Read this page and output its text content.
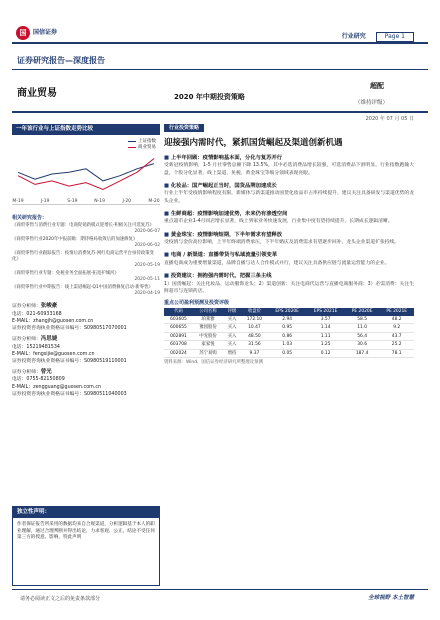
国	国信证券
行业研究	Page 1
证券研究报告—深度报告
商业贸易	2020 年中期投资策略
超配
（维持评级）
2020 年 07 月 05 日
一年该行业与上证指数走势比较
M-19	J-19	S-19	N-19	J-20	M-20
上证指数
商业贸易
相关研究报告：
《商贸零售与消费行业专题：电商促销新模式迎增长·积极关注可选复苏》
2020-06-07
《商贸零售行业2020年中报前瞻：期待格局收敛后的加速修复》
2020-06-02
《商贸零售行业跟踪报告：疫情后消费复苏·网红电商运营平台亟待政策变化》
2020-05-19
《商贸零售行业专题：免税业务全面拓展·拓宽护城河》
2020-05-11
《商贸零售行业中期报告：线上渠道崛起·Q1中国消费修复启动·新零售》
2020-04-19
证券分析师：张峻豪
电话：021-60933168
E-MAIL：zhangjh@guosen.com.cn
证券投资咨询执业资格证书编号：S0980517070001
证券分析师：冯思婕
电话：15219481534
E-MAIL：fengsijie@guosen.com.cn
证券投资咨询执业资格证书编号：S0980519110001
证券分析师：曾光
电话：0755-82150809
E-MAIL：zengguang@guosen.com.cn
证券投资咨询执业资格证书编号：S0980511040003
独立性声明：
作者保证报告所采用的数据均来自合规渠道，分析逻辑基于本人的职业理解，通过合理判断并得出结论，力求客观、公正，结论不受任何第三方的授意、影响，特此声明
行业投资策略
迎接强内需时代，紧抓国货崛起及渠道创新机遇
■ 上半年回顾：疫情影响基本面，分化与复苏并行
受新冠疫情影响，1-5 月社零售总额下降 13.5%，其中必选消费品增长较强，可选消费品下滑明显。行业指数跑输大盘，个股分化显著，线上渠道、免税、黄金珠宝等细分领域表现亮眼。
■ 化妆品：国产崛起正当时，国货品牌加速成长
行业上半年受疫情影响程度有限，新媒体与新渠道推动国货化妆品市占率持续提升，建议关注具备研发与渠道优势的龙头企业。
■ 生鲜商超：疫情影响加速优势，未来仍有渗透空间
重点超市企业1-4月同店增长显著，线上到家业务快速发展，行业集中度有望持续提升，长期成长逻辑清晰。
■ 黄金珠宝：疫情影响短期，下半年需求有望释放
受疫情与金价高位影响，上半年终端消费承压，下半年婚庆及消费需求有望逐步回补，龙头企业渠道扩张持续。
■ 电商 / 新渠道：直播带货与私域流量引领变革
直播电商成为重要增量渠道，品牌自播与达人合作模式并行，建议关注具备供应链与流量运营能力的企业。
■ 投资建议：拥抱强内需时代，把握三条主线
1）国货崛起：关注化妆品、运动服饰龙头；2）渠道创新：关注电商代运营与直播电商服务商；3）必需消费：关注生鲜超市与连锁药店。
重点公司盈利预测及投资评级
代码	公司名称	评级	收盘价	EPS 2020E	EPS 2021E	PE 2020E	PE 2021E
603605	珀莱雅	买入	172.10	2.94	3.57	58.5	48.2
600655	豫园股份	买入	10.47	0.95	1.14	11.0	9.2
002891	中宠股份	买入	48.50	0.86	1.11	56.4	43.7
603708	家家悦	买入	31.56	1.03	1.25	30.6	25.2
002024	苏宁易购	增持	9.37	0.05	0.12	187.4	78.1
资料来源：Wind、国信证券经济研究所整理及预测
请务必阅读正文之后的免责条款部分	全球视野 本土智慧
